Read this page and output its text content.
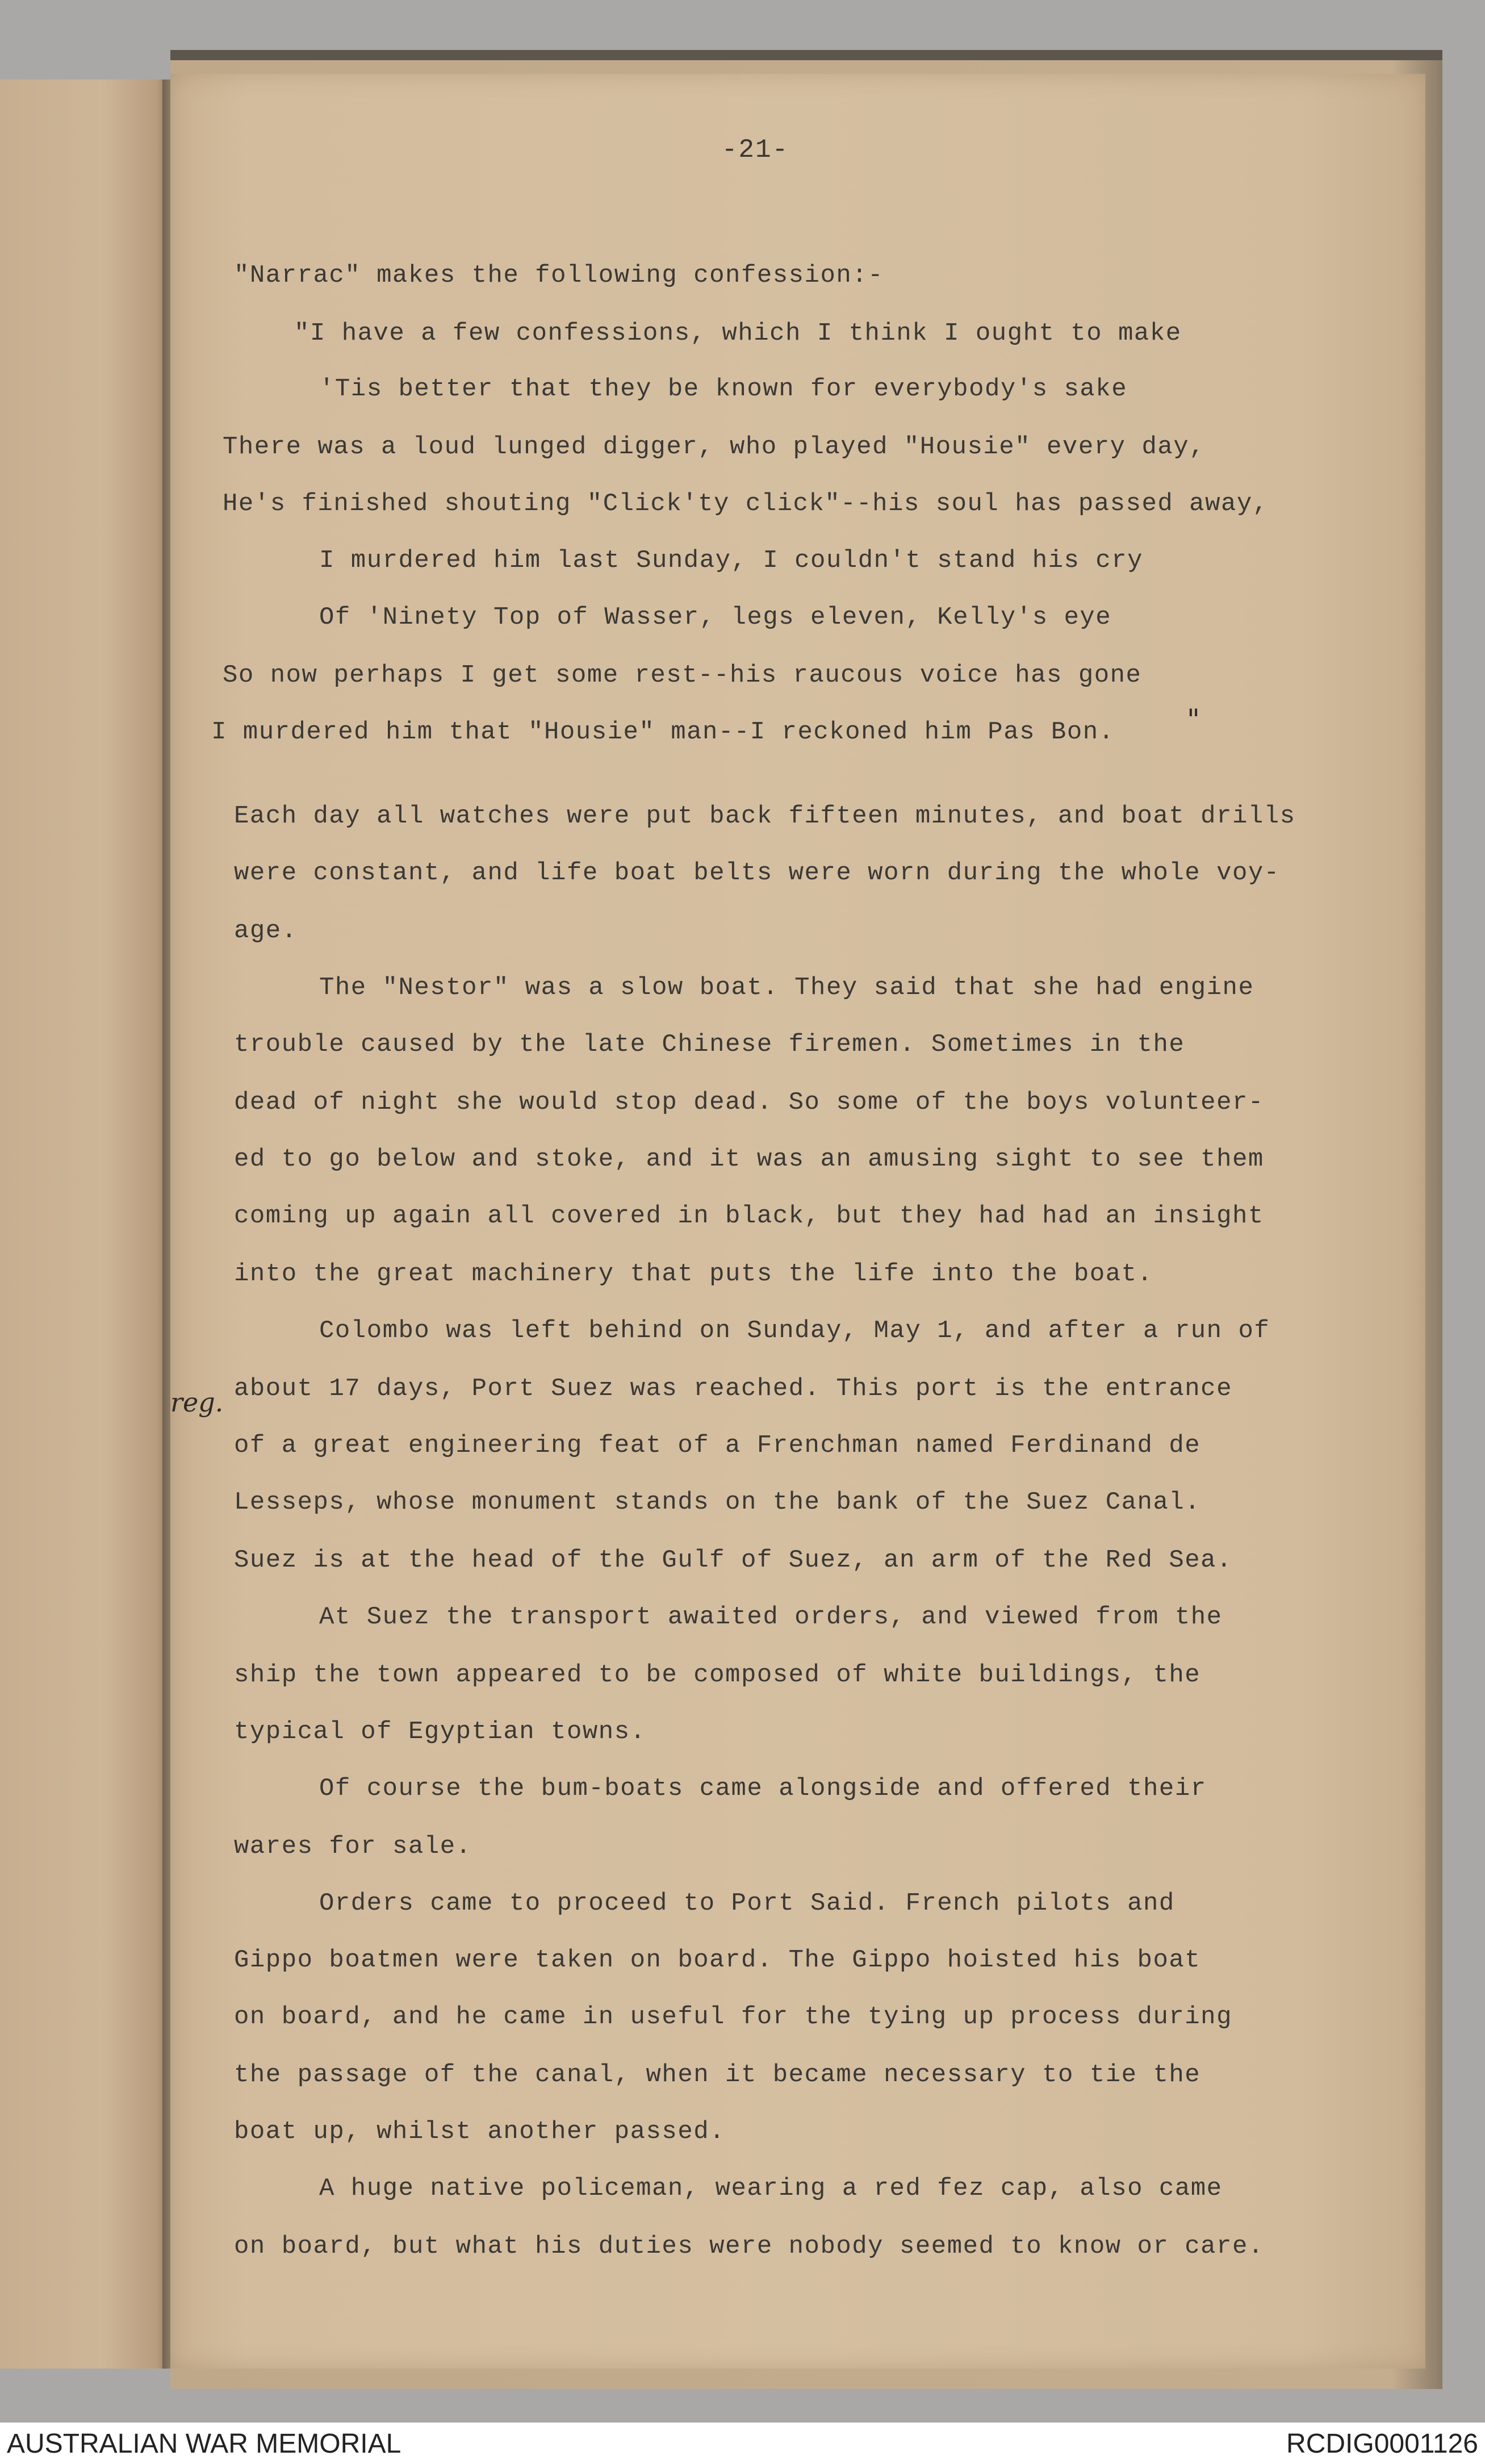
-21-
"Narrac" makes the following confession:-
"I have a few confessions, which I think I ought to make
'Tis better that they be known for everybody's sake
There was a loud lunged digger, who played "Housie" every day,
He's finished shouting "Click'ty click"--his soul has passed away,
I murdered him last Sunday, I couldn't stand his cry
Of 'Ninety Top of Wasser, legs eleven, Kelly's eye
So now perhaps I get some rest--his raucous voice has gone
I murdered him that "Housie" man--I reckoned him Pas Bon.	"
Each day all watches were put back fifteen minutes, and boat drills
were constant, and life boat belts were worn during the whole voy-
age.
The "Nestor" was a slow boat. They said that she had engine
trouble caused by the late Chinese firemen. Sometimes in the
dead of night she would stop dead. So some of the boys volunteer-
ed to go below and stoke, and it was an amusing sight to see them
coming up again all covered in black, but they had had an insight
into the great machinery that puts the life into the boat.
Colombo was left behind on Sunday, May 1, and after a run of
reg. about 17 days, Port Suez was reached. This port is the entrance
of a great engineering feat of a Frenchman named Ferdinand de
Lesseps, whose monument stands on the bank of the Suez Canal.
Suez is at the head of the Gulf of Suez, an arm of the Red Sea.
At Suez the transport awaited orders, and viewed from the
ship the town appeared to be composed of white buildings, the
typical of Egyptian towns.
Of course the bum-boats came alongside and offered their
wares for sale.
Orders came to proceed to Port Said. French pilots and
Gippo boatmen were taken on board. The Gippo hoisted his boat
on board, and he came in useful for the tying up process during
the passage of the canal, when it became necessary to tie the
boat up, whilst another passed.
A huge native policeman, wearing a red fez cap, also came
on board, but what his duties were nobody seemed to know or care.
AUSTRALIAN WAR MEMORIAL	RCDIG0001126
